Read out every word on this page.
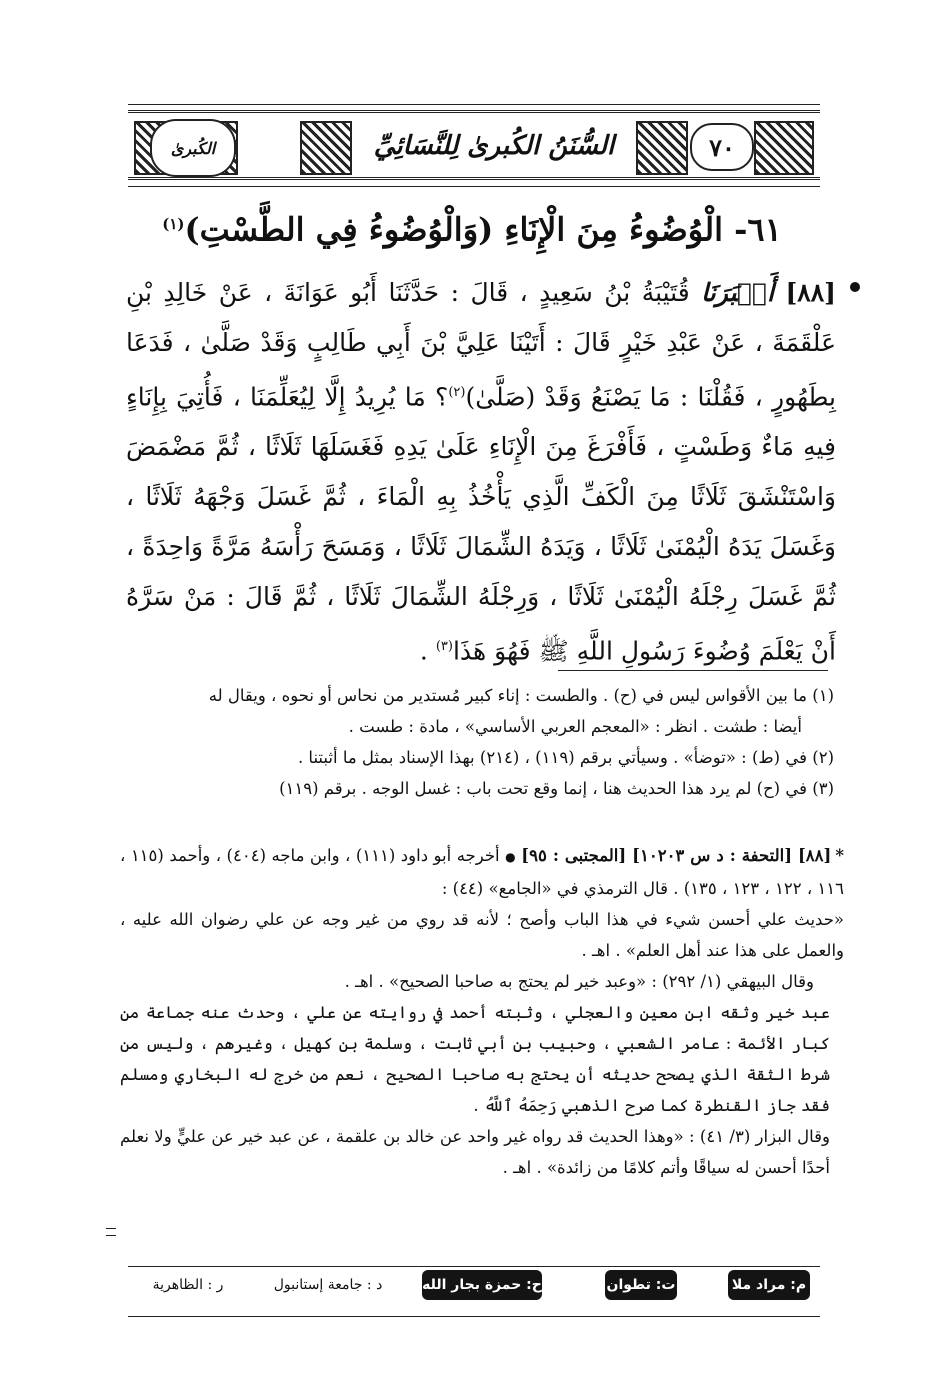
٧٠
السُّنَنُ الكُبرىٰ لِلنَّسَائِيِّ
الكُبرىٰ
٦١- الْوُضُوءُ مِنَ الْإِنَاءِ (وَالْوُضُوءُ فِي الطَّسْتِ)$^{(١)}$
[٨٨] أَخۡبَرَنَا قُتَيْبَةُ بْنُ سَعِيدٍ ، قَالَ : حَدَّثَنَا أَبُو عَوَانَةَ ، عَنْ خَالِدِ بْنِ عَلْقَمَةَ ، عَنْ عَبْدِ خَيْرٍ قَالَ : أَتَيْنَا عَلِيَّ بْنَ أَبِي طَالِبٍ وَقَدْ صَلَّىٰ ، فَدَعَا بِطَهُورٍ ، فَقُلْنَا : مَا يَصْنَعُ وَقَدْ (صَلَّىٰ)$^{(٢)}$؟ مَا يُرِيدُ إِلَّا لِيُعَلِّمَنَا ، فَأُتِيَ بِإِنَاءٍ فِيهِ مَاءٌ وَطَسْتٍ ، فَأَفْرَغَ مِنَ الْإِنَاءِ عَلَىٰ يَدِهِ فَغَسَلَهَا ثَلَاثًا ، ثُمَّ مَضْمَضَ وَاسْتَنْشَقَ ثَلَاثًا مِنَ الْكَفِّ الَّذِي يَأْخُذُ بِهِ الْمَاءَ ، ثُمَّ غَسَلَ وَجْهَهُ ثَلَاثًا ، وَغَسَلَ يَدَهُ الْيُمْنَىٰ ثَلَاثًا ، وَيَدَهُ الشِّمَالَ ثَلَاثًا ، وَمَسَحَ رَأْسَهُ مَرَّةً وَاحِدَةً ، ثُمَّ غَسَلَ رِجْلَهُ الْيُمْنَىٰ ثَلَاثًا ، وَرِجْلَهُ الشِّمَالَ ثَلَاثًا ، ثُمَّ قَالَ : مَنْ سَرَّهُ أَنْ يَعْلَمَ وُضُوءَ رَسُولِ اللَّهِ ﷺ فَهُوَ هَذَا$^{(٣)}$ .

(١) ما بين الأقواس ليس في (ح) . والطست : إناء كبير مُستدير من نحاس أو نحوه ، ويقال له

أيضا : طشت . انظر : «المعجم العربي الأساسي» ، مادة : طست .

(٢) في (ط) : «توضأ» . وسيأتي برقم (١١٩) ، (٢١٤) بهذا الإسناد بمثل ما أثبتنا .

(٣) في (ح) لم يرد هذا الحديث هنا ، إنما وقع تحت باب : غسل الوجه . برقم (١١٩)

*[٨٨] [التحفة : د س ١٠٢٠٣] [المجتبى : ٩٥] ● أخرجه أبو داود (١١١) ، وابن ماجه (٤٠٤) ، وأحمد (١١٥ ، ١١٦ ، ١٢٢ ، ١٢٣ ، ١٣٥) . قال الترمذي في «الجامع» (٤٤) :

«حديث علي أحسن شيء في هذا الباب وأصح ؛ لأنه قد روي من غير وجه عن علي رضوان الله عليه ، والعمل على هذا عند أهل العلم» . اهـ .

وقال البيهقي (١/ ٢٩٢) : «وعبد خير لم يحتج به صاحبا الصحيح» . اهـ .

عبد خير وثقه ابن معين والعجلي ، وثبته أحمد في روايته عن علي ، وحدث عنه جماعة من كبار الأئمة : عامر الشعبي ، وحبيب بن أبي ثابت ، وسلمة بن كهيل ، وغيرهم ، وليس من شرط الثقة الذي يصحح حديثه أن يحتج به صاحبا الصحيح ، نعم من خرج له البخاري ومسلم فقد جاز القنطرة كما صرح الذهبي رَحِمَهُ ٱللَّهُ .

وقال البزار (٣/ ٤١) : «وهذا الحديث قد رواه غير واحد عن خالد بن علقمة ، عن عبد خير عن عليٍّ ولا نعلم أحدًا أحسن له سياقًا وأتم كلامًا من زائدة» . اهـ .

م: مراد ملا
ت: تطوان
ح: حمزة بجار الله
د : جامعة إستانبول
ر : الظاهرية
